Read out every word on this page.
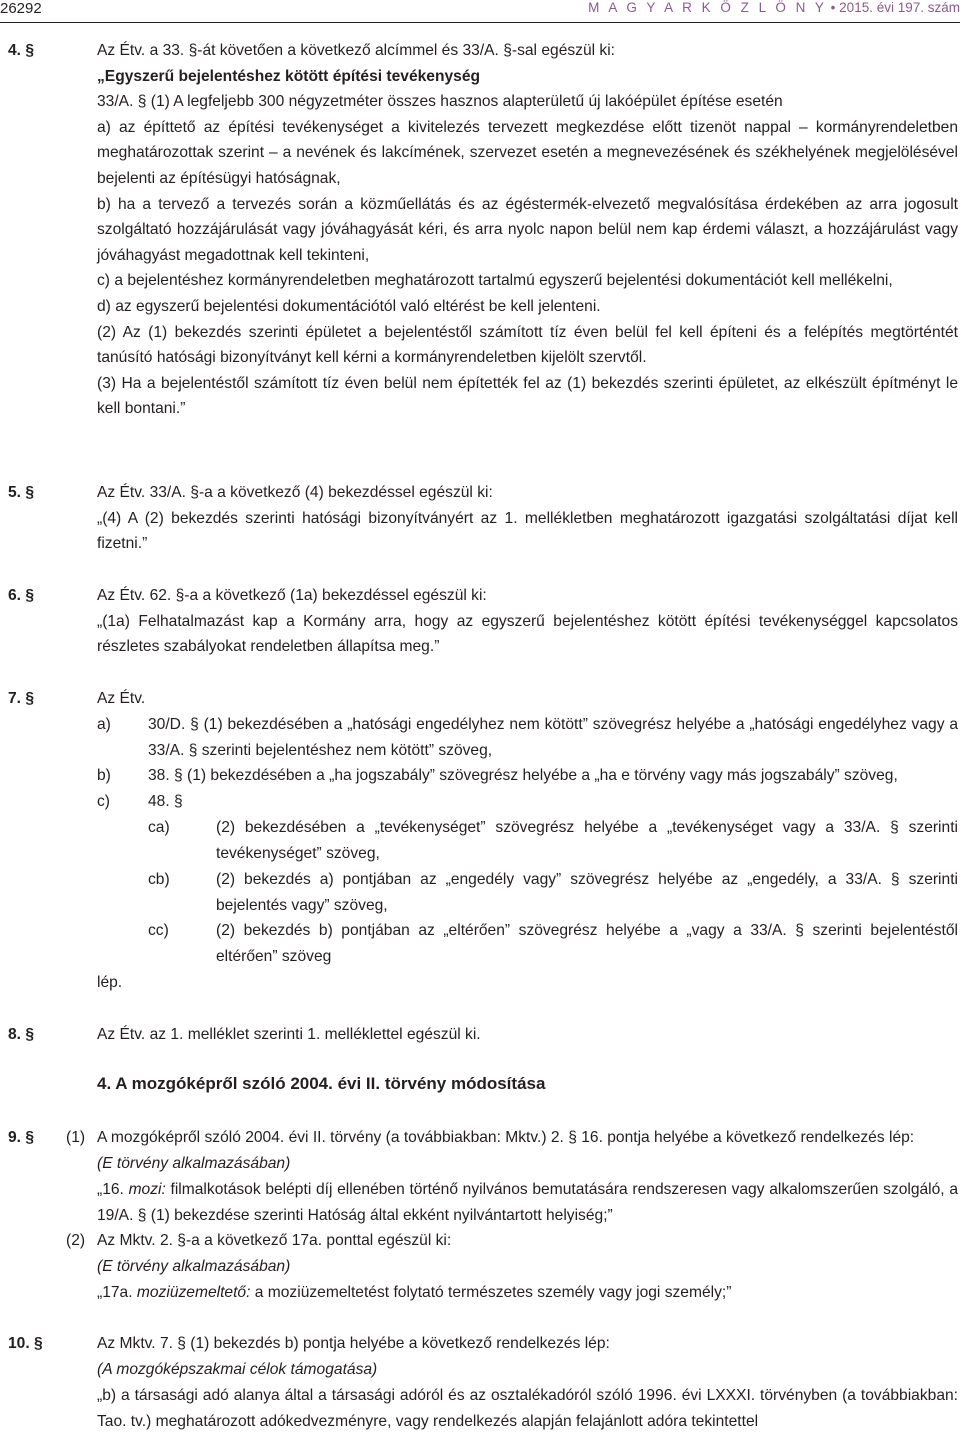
26292	M A G Y A R K Ö Z L Ö N Y • 2015. évi 197. szám
4. §	Az Étv. a 33. §-át követően a következő alcímmel és 33/A. §-sal egészül ki:
„Egyszerű bejelentéshez kötött építési tevékenység
33/A. § (1) A legfeljebb 300 négyzetméter összes hasznos alapterületű új lakóépület építése esetén
a) az építtető az építési tevékenységet a kivitelezés tervezett megkezdése előtt tizenöt nappal – kormányrendeletben meghatározottak szerint – a nevének és lakcímének, szervezet esetén a megnevezésének és székhelyének megjelölésével bejelenti az építésügyi hatóságnak,
b) ha a tervező a tervezés során a közműellátás és az égéstermék-elvezető megvalósítása érdekében az arra jogosult szolgáltató hozzájárulását vagy jóváhagyását kéri, és arra nyolc napon belül nem kap érdemi választ, a hozzájárulást vagy jóváhagyást megadottnak kell tekinteni,
c) a bejelentéshez kormányrendeletben meghatározott tartalmú egyszerű bejelentési dokumentációt kell mellékelni,
d) az egyszerű bejelentési dokumentációtól való eltérést be kell jelenteni.
(2) Az (1) bekezdés szerinti épületet a bejelentéstől számított tíz éven belül fel kell építeni és a felépítés megtörténtét tanúsító hatósági bizonyítványt kell kérni a kormányrendeletben kijelölt szervtől.
(3) Ha a bejelentéstől számított tíz éven belül nem építették fel az (1) bekezdés szerinti épületet, az elkészült építményt le kell bontani.”
5. §	Az Étv. 33/A. §-a a következő (4) bekezdéssel egészül ki:
„(4) A (2) bekezdés szerinti hatósági bizonyítványért az 1. mellékletben meghatározott igazgatási szolgáltatási díjat kell fizetni.”
6. §	Az Étv. 62. §-a a következő (1a) bekezdéssel egészül ki:
„(1a) Felhatalmazást kap a Kormány arra, hogy az egyszerű bejelentéshez kötött építési tevékenységgel kapcsolatos részletes szabályokat rendeletben állapítsa meg.”
7. §	Az Étv.
a) 30/D. § (1) bekezdésében a „hatósági engedélyhez nem kötött” szövegrész helyébe a „hatósági engedélyhez vagy a 33/A. § szerinti bejelentéshez nem kötött” szöveg,
b) 38. § (1) bekezdésében a „ha jogszabály” szövegrész helyébe a „ha e törvény vagy más jogszabály” szöveg,
c) 48. §
ca)	(2) bekezdésében a „tevékenységet” szövegrész helyébe a „tevékenységet vagy a 33/A. § szerinti tevékenységet” szöveg,
cb)	(2) bekezdés a) pontjában az „engedély vagy” szövegrész helyébe az „engedély, a 33/A. § szerinti bejelentés vagy” szöveg,
cc)	(2) bekezdés b) pontjában az „eltérően” szövegrész helyébe a „vagy a 33/A. § szerinti bejelentéstől eltérően” szöveg
lép.
8. §	Az Étv. az 1. melléklet szerinti 1. melléklettel egészül ki.
4. A mozgóképről szóló 2004. évi II. törvény módosítása
9. § (1) A mozgóképről szóló 2004. évi II. törvény (a továbbiakban: Mktv.) 2. § 16. pontja helyébe a következő rendelkezés lép:
(E törvény alkalmazásában)
„16. mozi: filmalkotások belépti díj ellenében történő nyilvános bemutatására rendszeresen vagy alkalomszerűen szolgáló, a 19/A. § (1) bekezdése szerinti Hatóság által ekként nyilvántartott helyiség;”
(2) Az Mktv. 2. §-a a következő 17a. ponttal egészül ki:
(E törvény alkalmazásában)
„17a. moziüzemeltető: a moziüzemeltetést folytató természetes személy vagy jogi személy;”
10. §	Az Mktv. 7. § (1) bekezdés b) pontja helyébe a következő rendelkezés lép:
(A mozgóképszakmai célok támogatása)
„b) a társasági adó alanya által a társasági adóról és az osztalékadóról szóló 1996. évi LXXXI. törvényben (a továbbiakban: Tao. tv.) meghatározott adókedvezményre, vagy rendelkezés alapján felajánlott adóra tekintettel
